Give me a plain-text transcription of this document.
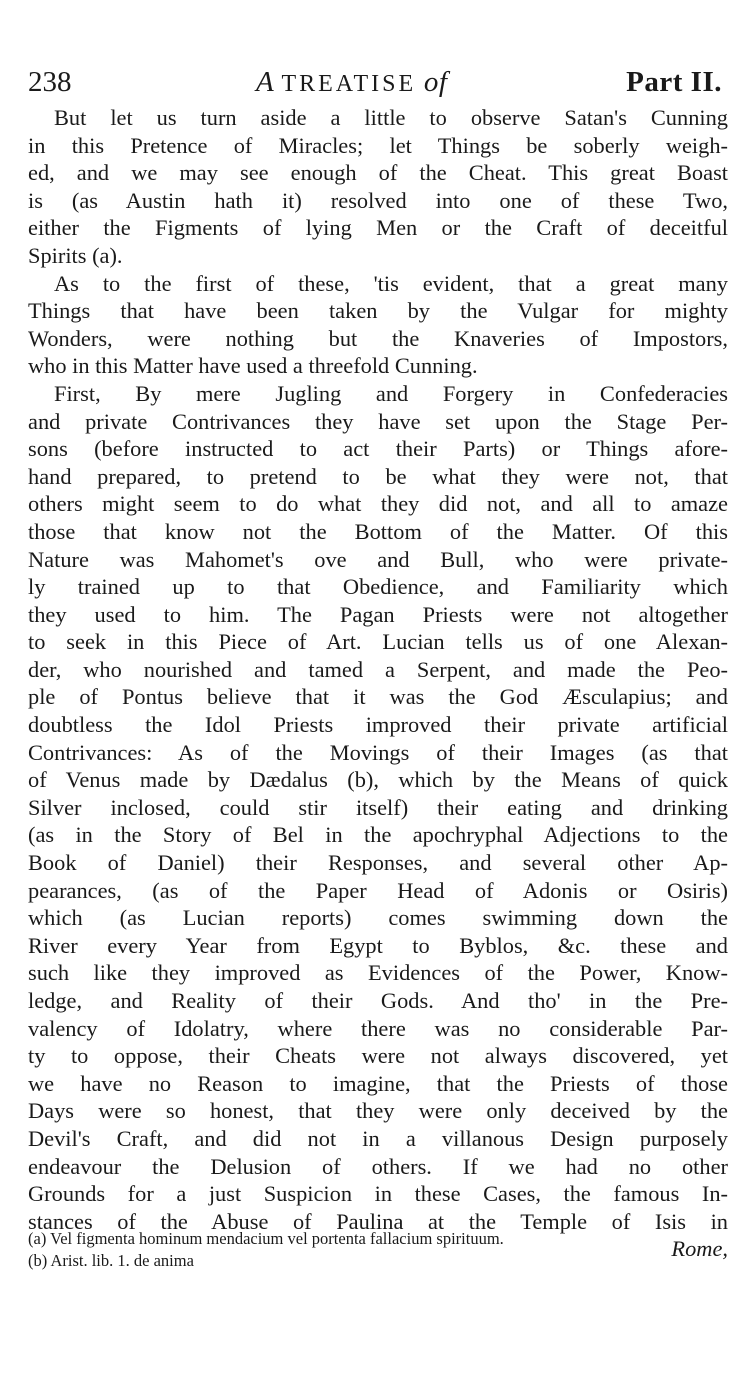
238	A TREATISE of	Part II.
But let us turn aside a little to observe Satan's Cunning
in this Pretence of Miracles; let Things be soberly weigh-
ed, and we may see enough of the Cheat. This great Boast
is (as Austin hath it) resolved into one of these Two,
either the Figments of lying Men or the Craft of deceitful
Spirits (a).
As to the first of these, 'tis evident, that a great many
Things that have been taken by the Vulgar for mighty
Wonders, were nothing but the Knaveries of Impostors,
who in this Matter have used a threefold Cunning.
First, By mere Jugling and Forgery in Confederacies
and private Contrivances they have set upon the Stage Per-
sons (before instructed to act their Parts) or Things afore-
hand prepared, to pretend to be what they were not, that
others might seem to do what they did not, and all to amaze
those that know not the Bottom of the Matter. Of this
Nature was Mahomet's ove and Bull, who were private-
ly trained up to that Obedience, and Familiarity which
they used to him. The Pagan Priests were not altogether
to seek in this Piece of Art. Lucian tells us of one Alexan-
der, who nourished and tamed a Serpent, and made the Peo-
ple of Pontus believe that it was the God Æsculapius; and
doubtless the Idol Priests improved their private artificial
Contrivances: As of the Movings of their Images (as that
of Venus made by Dædalus (b), which by the Means of quick
Silver inclosed, could stir itself) their eating and drinking
(as in the Story of Bel in the apochryphal Adjections to the
Book of Daniel) their Responses, and several other Ap-
pearances, (as of the Paper Head of Adonis or Osiris)
which (as Lucian reports) comes swimming down the
River every Year from Egypt to Byblos, &c. these and
such like they improved as Evidences of the Power, Know-
ledge, and Reality of their Gods. And tho' in the Pre-
valency of Idolatry, where there was no considerable Par-
ty to oppose, their Cheats were not always discovered, yet
we have no Reason to imagine, that the Priests of those
Days were so honest, that they were only deceived by the
Devil's Craft, and did not in a villanous Design purposely
endeavour the Delusion of others. If we had no other
Grounds for a just Suspicion in these Cases, the famous In-
stances of the Abuse of Paulina at the Temple of Isis in
Rome,
(a) Vel figmenta hominum mendacium vel portenta fallacium spirituum.
(b) Arist. lib. 1. de anima
